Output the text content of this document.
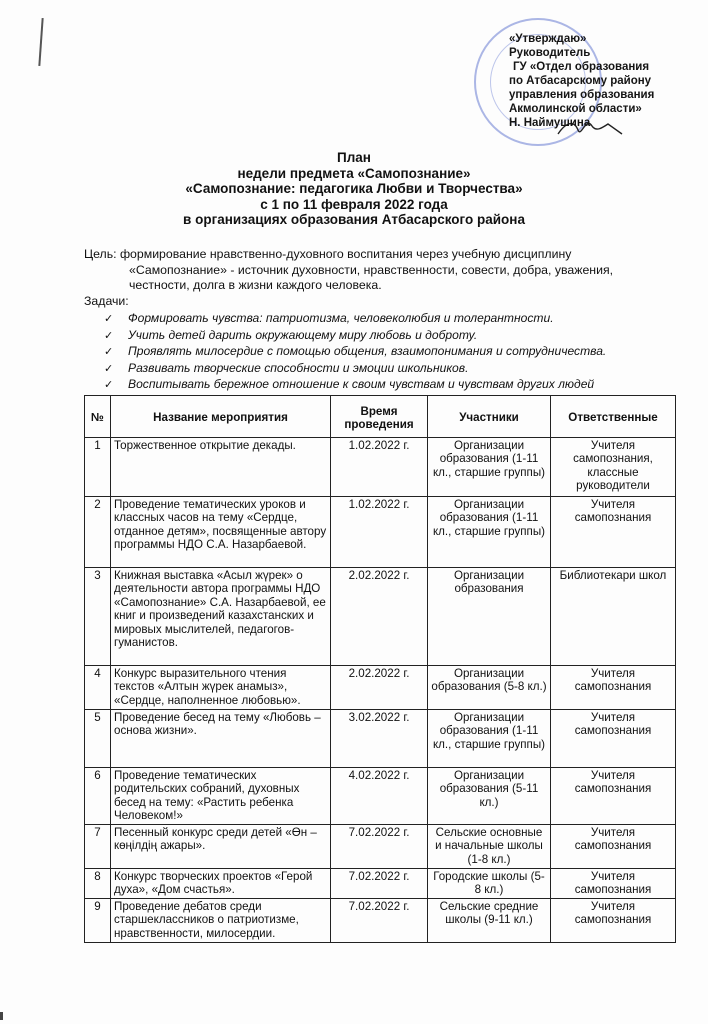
«Утверждаю»
Руководитель
ГУ «Отдел образования
по Атбасарскому району
управления образования
Акмолинской области»
Н. Наймушина
План
недели предмета «Самопознание»
«Самопознание: педагогика Любви и Творчества»
с 1 по 11 февраля 2022 года
в организациях образования Атбасарского района
Цель: формирование нравственно-духовного воспитания через учебную дисциплину
«Самопознание» - источник духовности, нравственности, совести, добра, уважения,
честности, долга в жизни каждого человека.
Задачи:
✓ Формировать чувства: патриотизма, человеколюбия и толерантности.
✓ Учить детей дарить окружающему миру любовь и доброту.
✓ Проявлять милосердие с помощью общения, взаимопонимания и сотрудничества.
✓ Развивать творческие способности и эмоции школьников.
✓ Воспитывать бережное отношение к своим чувствам и чувствам других людей
№	Название мероприятия	Время проведения	Участники	Ответственные
1	Торжественное открытие декады.	1.02.2022 г.	Организации образования (1-11 кл., старшие группы)	Учителя самопознания, классные руководители
2	Проведение тематических уроков и классных часов на тему «Сердце, отданное детям», посвященные автору программы НДО С.А. Назарбаевой.	1.02.2022 г.	Организации образования (1-11 кл., старшие группы)	Учителя самопознания
3	Книжная выставка «Асыл жүрек» о деятельности автора программы НДО «Самопознание» С.А. Назарбаевой, ее книг и произведений казахстанских и мировых мыслителей, педагогов-гуманистов.	2.02.2022 г.	Организации образования	Библиотекари школ
4	Конкурс выразительного чтения текстов «Алтын жүрек анамыз», «Сердце, наполненное любовью».	2.02.2022 г.	Организации образования (5-8 кл.)	Учителя самопознания
5	Проведение бесед на тему «Любовь – основа жизни».	3.02.2022 г.	Организации образования (1-11 кл., старшие группы)	Учителя самопознания
6	Проведение тематических родительских собраний, духовных бесед на тему: «Растить ребенка Человеком!»	4.02.2022 г.	Организации образования (5-11 кл.)	Учителя самопознания
7	Песенный конкурс среди детей «Өн – көңілдің ажары».	7.02.2022 г.	Сельские основные и начальные школы (1-8 кл.)	Учителя самопознания
8	Конкурс творческих проектов «Герой духа», «Дом счастья».	7.02.2022 г.	Городские школы (5-8 кл.)	Учителя самопознания
9	Проведение дебатов среди старшеклассников о патриотизме, нравственности, милосердии.	7.02.2022 г.	Сельские средние школы (9-11 кл.)	Учителя самопознания
